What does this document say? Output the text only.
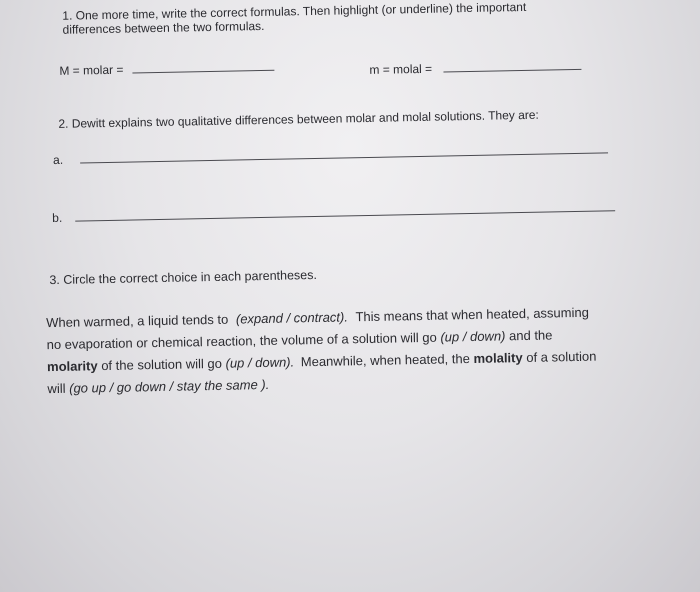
1. One more time, write the correct formulas. Then highlight (or underline) the important
differences between the two formulas.
M = molar =	m = molal =
2. Dewitt explains two qualitative differences between molar and molal solutions. They are:
a.
b.
3. Circle the correct choice in each parentheses.
When warmed, a liquid tends to (expand / contract). This means that when heated, assuming
no evaporation or chemical reaction, the volume of a solution will go (up / down) and the
molarity of the solution will go (up / down). Meanwhile, when heated, the molality of a solution
will (go up / go down / stay the same ).
